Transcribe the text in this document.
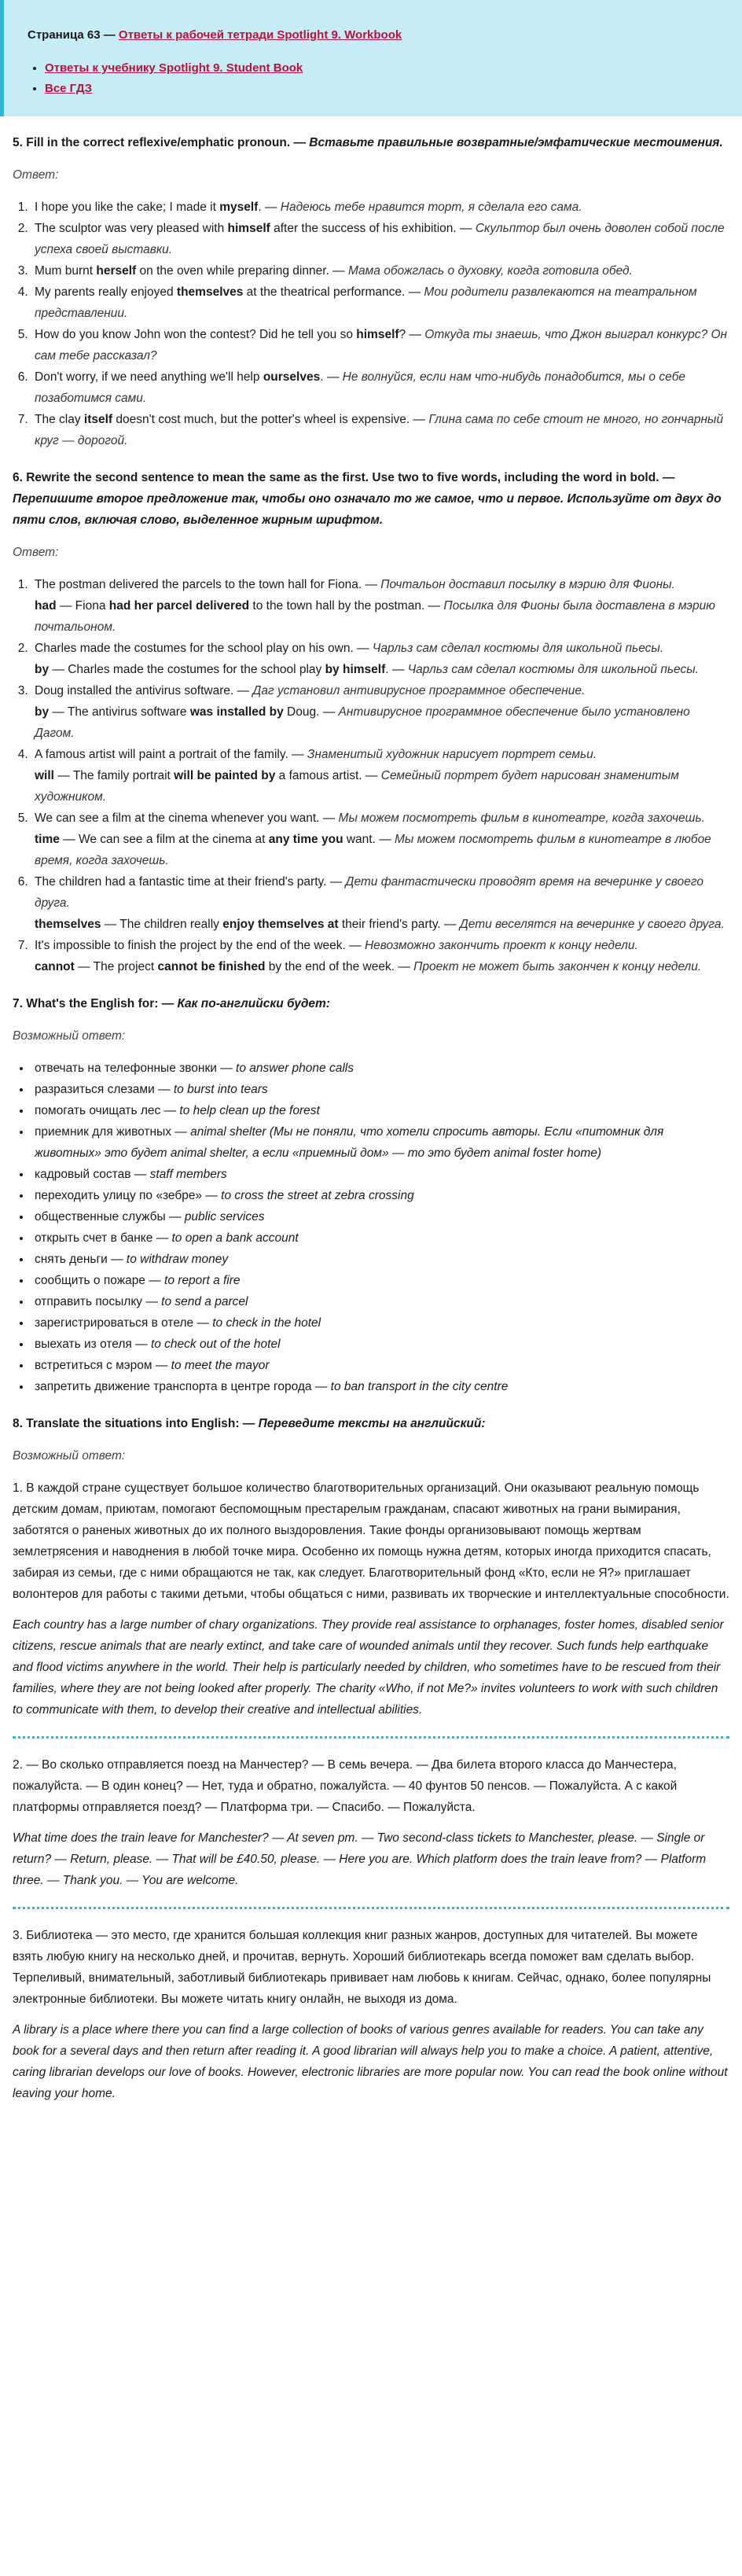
Страница 63 — Ответы к рабочей тетради Spotlight 9. Workbook
• Ответы к учебнику Spotlight 9. Student Book
• Все ГДЗ

5. Fill in the correct reflexive/emphatic pronoun. — Вставьте правильные возвратные/эмфатические местоимения.

Ответ:

1. I hope you like the cake; I made it myself. — Надеюсь тебе нравится торт, я сделала его сама.
2. The sculptor was very pleased with himself after the success of his exhibition. — Скульптор был очень доволен собой после успеха своей выставки.
3. Mum burnt herself on the oven while preparing dinner. — Мама обожглась о духовку, когда готовила обед.
4. My parents really enjoyed themselves at the theatrical performance. — Мои родители развлекаются на театральном представлении.
5. How do you know John won the contest? Did he tell you so himself? — Откуда ты знаешь, что Джон выиграл конкурс? Он сам тебе рассказал?
6. Don't worry, if we need anything we'll help ourselves. — Не волнуйся, если нам что-нибудь понадобится, мы о себе позаботимся сами.
7. The clay itself doesn't cost much, but the potter's wheel is expensive. — Глина сама по себе стоит не много, но гончарный круг — дорогой.

6. Rewrite the second sentence to mean the same as the first. Use two to five words, including the word in bold. — Перепишите второе предложение так, чтобы оно означало то же самое, что и первое. Используйте от двух до пяти слов, включая слово, выделенное жирным шрифтом.

Ответ:

1. The postman delivered the parcels to the town hall for Fiona. — Почтальон доставил посылку в мэрию для Фионы.
had — Fiona had her parcel delivered to the town hall by the postman. — Посылка для Фионы была доставлена в мэрию почтальоном.
2. Charles made the costumes for the school play on his own. — Чарльз сам сделал костюмы для школьной пьесы.
by — Charles made the costumes for the school play by himself. — Чарльз сам сделал костюмы для школьной пьесы.
3. Doug installed the antivirus software. — Даг установил антивирусное программное обеспечение.
by — The antivirus software was installed by Doug. — Антивирусное программное обеспечение было установлено Дагом.
4. A famous artist will paint a portrait of the family. — Знаменитый художник нарисует портрет семьи.
will — The family portrait will be painted by a famous artist. — Семейный портрет будет нарисован знаменитым художником.
5. We can see a film at the cinema whenever you want. — Мы можем посмотреть фильм в кинотеатре, когда захочешь.
time — We can see a film at the cinema at any time you want. — Мы можем посмотреть фильм в кинотеатре в любое время, когда захочешь.
6. The children had a fantastic time at their friend's party. — Дети фантастически проводят время на вечеринке у своего друга.
themselves — The children really enjoy themselves at their friend's party. — Дети веселятся на вечеринке у своего друга.
7. It's impossible to finish the project by the end of the week. — Невозможно закончить проект к концу недели.
cannot — The project cannot be finished by the end of the week. — Проект не может быть закончен к концу недели.

7. What's the English for: — Как по-английски будет:

Возможный ответ:

• отвечать на телефонные звонки — to answer phone calls
• разразиться слезами — to burst into tears
• помогать очищать лес — to help clean up the forest
• приемник для животных — animal shelter (Мы не поняли, что хотели спросить авторы. Если «питомник для животных» это будет animal shelter, а если «приемный дом» — то это будет animal foster home)
• кадровый состав — staff members
• переходить улицу по «зебре» — to cross the street at zebra crossing
• общественные службы — public services
• открыть счет в банке — to open a bank account
• снять деньги — to withdraw money
• сообщить о пожаре — to report a fire
• отправить посылку — to send a parcel
• зарегистрироваться в отеле — to check in the hotel
• выехать из отеля — to check out of the hotel
• встретиться с мэром — to meet the mayor
• запретить движение транспорта в центре города — to ban transport in the city centre

8. Translate the situations into English: — Переведите тексты на английский:

Возможный ответ:

1. В каждой стране существует большое количество благотворительных организаций. Они оказывают реальную помощь детским домам, приютам, помогают беспомощным престарелым гражданам, спасают животных на грани вымирания, заботятся о раненых животных до их полного выздоровления. Такие фонды организовывают помощь жертвам землетрясения и наводнения в любой точке мира. Особенно их помощь нужна детям, которых иногда приходится спасать, забирая из семьи, где с ними обращаются не так, как следует. Благотворительный фонд «Кто, если не Я?» приглашает волонтеров для работы с такими детьми, чтобы общаться с ними, развивать их творческие и интеллектуальные способности.

Each country has a large number of chary organizations. They provide real assistance to orphanages, foster homes, disabled senior citizens, rescue animals that are nearly extinct, and take care of wounded animals until they recover. Such funds help earthquake and flood victims anywhere in the world. Their help is particularly needed by children, who sometimes have to be rescued from their families, where they are not being looked after properly. The charity «Who, if not Me?» invites volunteers to work with such children to communicate with them, to develop their creative and intellectual abilities.

2. — Во сколько отправляется поезд на Манчестер? — В семь вечера. — Два билета второго класса до Манчестера, пожалуйста. — В один конец? — Нет, туда и обратно, пожалуйста. — 40 фунтов 50 пенсов. — Пожалуйста. А с какой платформы отправляется поезд? — Платформа три. — Спасибо. — Пожалуйста.

What time does the train leave for Manchester? — At seven pm. — Two second-class tickets to Manchester, please. — Single or return? — Return, please. — That will be £40.50, please. — Here you are. Which platform does the train leave from? — Platform three. — Thank you. — You are welcome.

3. Библиотека — это место, где хранится большая коллекция книг разных жанров, доступных для читателей. Вы можете взять любую книгу на несколько дней, и прочитав, вернуть. Хороший библиотекарь всегда поможет вам сделать выбор. Терпеливый, внимательный, заботливый библиотекарь прививает нам любовь к книгам. Сейчас, однако, более популярны электронные библиотеки. Вы можете читать книгу онлайн, не выходя из дома.

A library is a place where there you can find a large collection of books of various genres available for readers. You can take any book for a several days and then return after reading it. A good librarian will always help you to make a choice. A patient, attentive, caring librarian develops our love of books. However, electronic libraries are more popular now. You can read the book online without leaving your home.
